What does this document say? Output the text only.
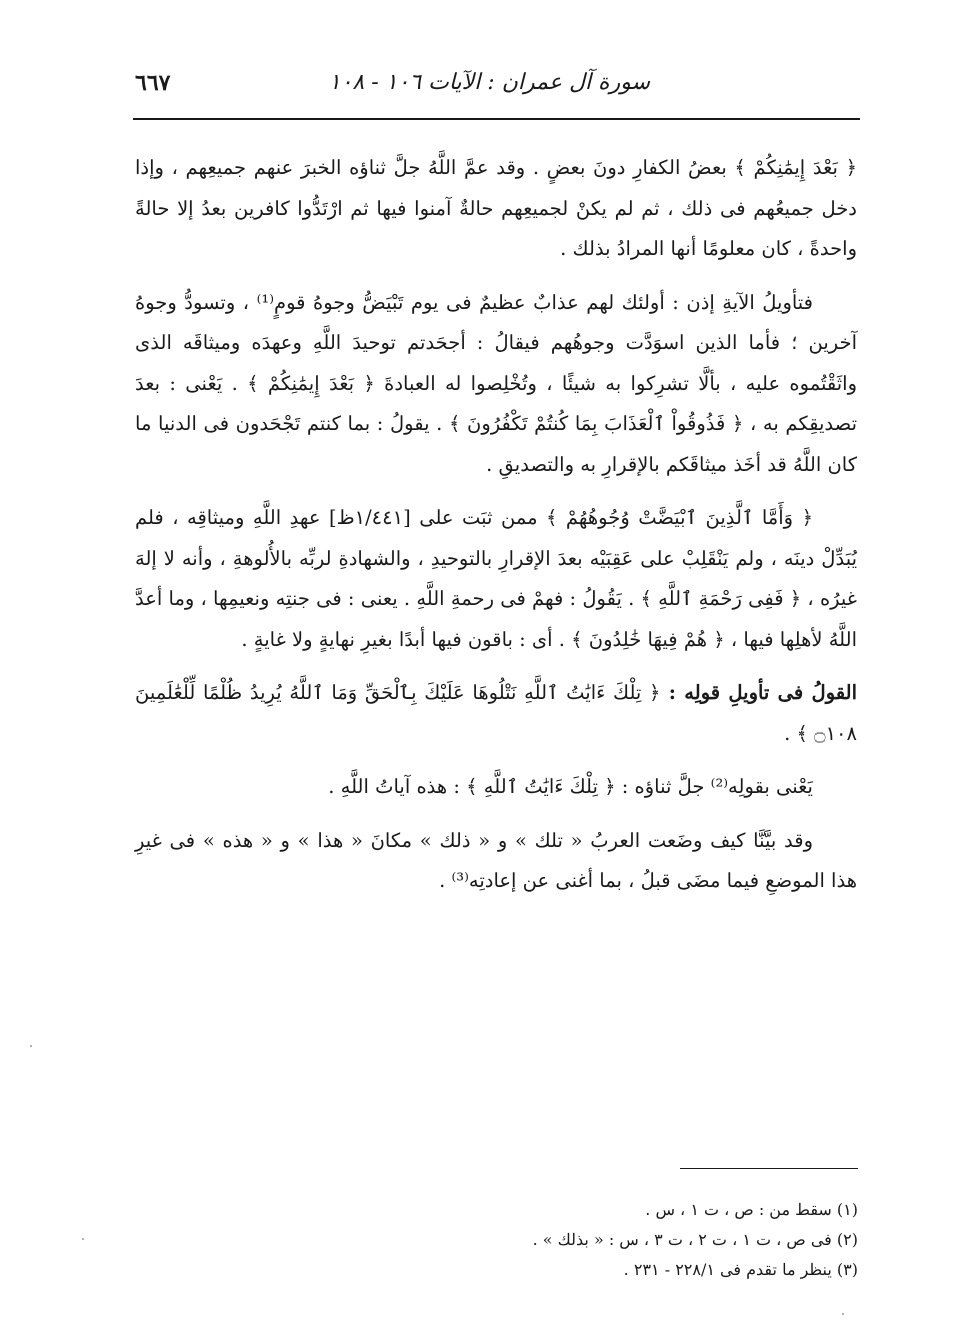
سورة آل عمران : الآيات ١٠٦ - ١٠٨
٦٦٧

﴿ بَعْدَ إِيمَٰنِكُمْ ﴾ بعضُ الكفارِ دونَ بعضٍ . وقد عمَّ اللَّهُ جلَّ ثناؤه الخبرَ عنهم جميعِهم ، وإذا دخل جميعُهم فى ذلك ، ثم لم يكنْ لجميعِهم حالةٌ آمنوا فيها ثم ارْتَدُّوا كافرين بعدُ إلا حالةً واحدةً ، كان معلومًا أنها المرادُ بذلك .

فتأويلُ الآيةِ إذن : أولئك لهم عذابٌ عظيمٌ فى يوم تَبْيَضُّ وجوهُ قومٍ⁽¹⁾ ، وتسودُّ وجوهُ آخرين ؛ فأما الذين اسوَدَّت وجوهُهم فيقالُ : أجحَدتم توحيدَ اللَّهِ وعهدَه وميثاقَه الذى واثَقْتُموه عليه ، بألَّا تشرِكوا به شيئًا ، وتُخْلِصوا له العبادةَ ﴿ بَعْدَ إِيمَٰنِكُمْ ﴾ . يَعْنى : بعدَ تصديقِكم به ، ﴿ فَذُوقُواْ ٱلْعَذَابَ بِمَا كُنتُمْ تَكْفُرُونَ ﴾ . يقولُ : بما كنتم تَجْحَدون فى الدنيا ما كان اللَّهُ قد أخَذ ميثاقَكم بالإقرارِ به والتصديقِ .

﴿ وَأَمَّا ٱلَّذِينَ ٱبْيَضَّتْ وُجُوهُهُمْ ﴾ ممن ثبَت على [١/٤٤١ظ] عهدِ اللَّهِ وميثاقِه ، فلم يُبَدِّلْ دينَه ، ولم يَنْقَلِبْ على عَقِبَيْه بعدَ الإقرارِ بالتوحيدِ ، والشهادةِ لربِّه بالأُلوهةِ ، وأنه لا إلهَ غيرُه ، ﴿ فَفِى رَحْمَةِ ٱللَّهِ ﴾ . يَقُولُ : فهمْ فى رحمةِ اللَّهِ . يعنى : فى جنتِه ونعيمِها ، وما أعدَّ اللَّهُ لأهلِها فيها ، ﴿ هُمْ فِيهَا خَٰلِدُونَ ﴾ . أى : باقون فيها أبدًا بغيرِ نهايةٍ ولا غايةٍ .

القولُ فى تأويلِ قولِه : ﴿ تِلْكَ ءَايَٰتُ ٱللَّهِ نَتْلُوهَا عَلَيْكَ بِٱلْحَقِّ وَمَا ٱللَّهُ يُرِيدُ ظُلْمًا لِّلْعَٰلَمِينَ ۝١٠٨ ﴾ .

يَعْنى بقولِه⁽²⁾ جلَّ ثناؤه : ﴿ تِلْكَ ءَايَٰتُ ٱللَّهِ ﴾ : هذه آياتُ اللَّهِ .

وقد بيَّنَّا كيف وضَعت العربُ « تلك » و « ذلك » مكانَ « هذا » و « هذه » فى غيرِ هذا الموضعِ فيما مضَى قبلُ ، بما أغنى عن إعادتِه⁽³⁾ .

(١) سقط من : ص ، ت ١ ، س .
(٢) فى ص ، ت ١ ، ت ٢ ، ت ٣ ، س : « بذلك » .
(٣) ينظر ما تقدم فى ٢٢٨/١ - ٢٣١ .
